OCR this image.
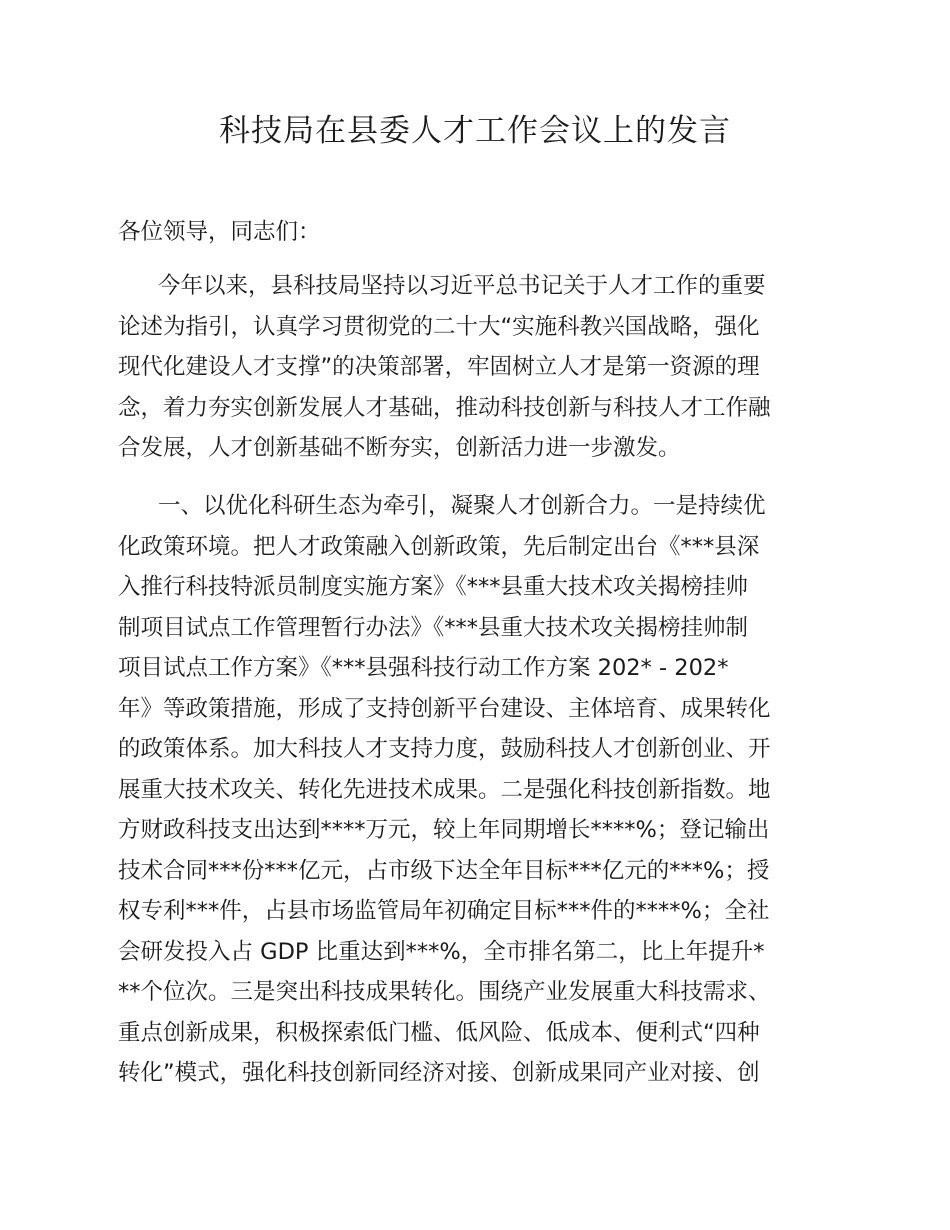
科技局在县委人才工作会议上的发言

各位领导，同志们：

今年以来，县科技局坚持以习近平总书记关于人才工作的重要
论述为指引，认真学习贯彻党的二十大“实施科教兴国战略，强化
现代化建设人才支撑”的决策部署，牢固树立人才是第一资源的理
念，着力夯实创新发展人才基础，推动科技创新与科技人才工作融
合发展，人才创新基础不断夯实，创新活力进一步激发。
一、以优化科研生态为牵引，凝聚人才创新合力。一是持续优
化政策环境。把人才政策融入创新政策，先后制定出台《***县深
入推行科技特派员制度实施方案》《***县重大技术攻关揭榜挂帅
制项目试点工作管理暂行办法》《***县重大技术攻关揭榜挂帅制
项目试点工作方案》《***县强科技行动工作方案 202* - 202*
年》等政策措施，形成了支持创新平台建设、主体培育、成果转化
的政策体系。加大科技人才支持力度，鼓励科技人才创新创业、开
展重大技术攻关、转化先进技术成果。二是强化科技创新指数。地
方财政科技支出达到****万元，较上年同期增长****%；登记输出
技术合同***份***亿元，占市级下达全年目标***亿元的***%；授
权专利***件，占县市场监管局年初确定目标***件的****%；全社
会研发投入占 GDP 比重达到***%，全市排名第二，比上年提升*
**个位次。三是突出科技成果转化。围绕产业发展重大科技需求、
重点创新成果，积极探索低门槛、低风险、低成本、便利式“四种
转化”模式，强化科技创新同经济对接、创新成果同产业对接、创
